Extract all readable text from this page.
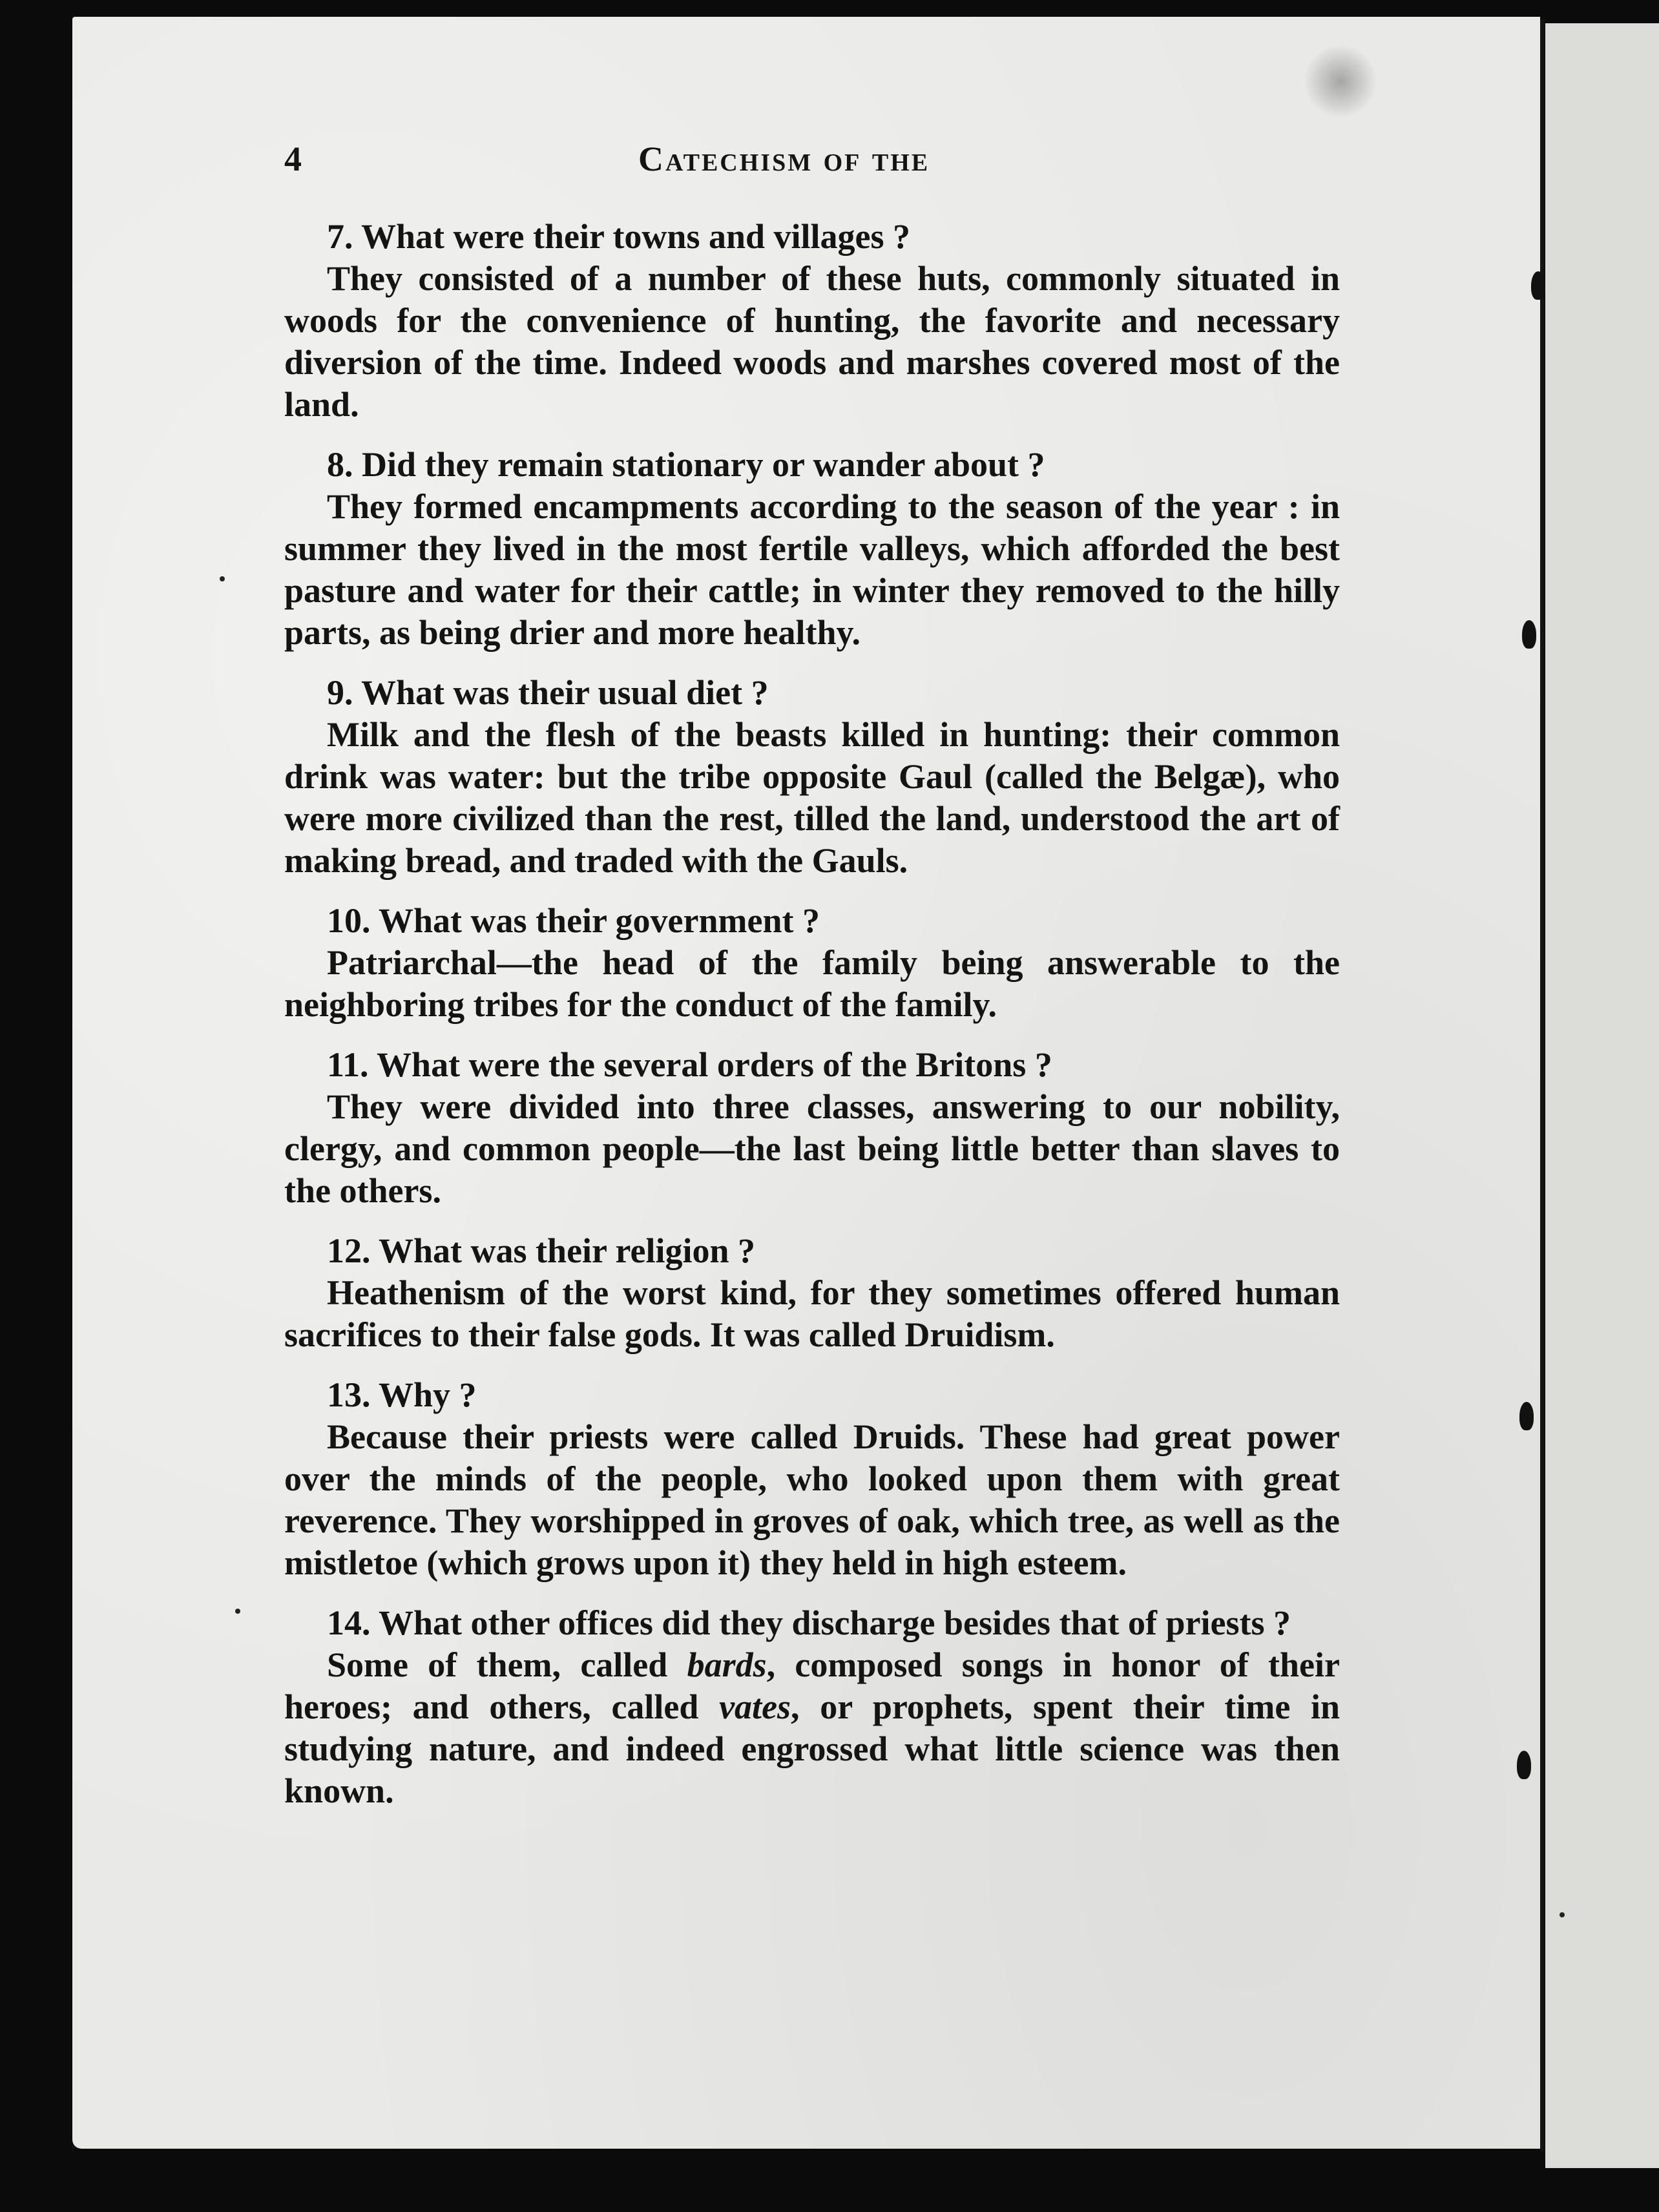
4	Catechism of the

7. What were their towns and villages ?

They consisted of a number of these huts, commonly situated in woods for the convenience of hunting, the favorite and necessary diversion of the time. Indeed woods and marshes covered most of the land.

8. Did they remain stationary or wander about ?

They formed encampments according to the season of the year : in summer they lived in the most fertile valleys, which afforded the best pasture and water for their cattle; in winter they removed to the hilly parts, as being drier and more healthy.

9. What was their usual diet ?

Milk and the flesh of the beasts killed in hunting: their common drink was water: but the tribe opposite Gaul (called the Belgæ), who were more civilized than the rest, tilled the land, understood the art of making bread, and traded with the Gauls.

10. What was their government ?

Patriarchal—the head of the family being answerable to the neighboring tribes for the conduct of the family.

11. What were the several orders of the Britons ?

They were divided into three classes, answering to our nobility, clergy, and common people—the last being little better than slaves to the others.

12. What was their religion ?

Heathenism of the worst kind, for they sometimes offered human sacrifices to their false gods. It was called Druidism.

13. Why ?

Because their priests were called Druids. These had great power over the minds of the people, who looked upon them with great reverence. They worshipped in groves of oak, which tree, as well as the mistletoe (which grows upon it) they held in high esteem.

14. What other offices did they discharge besides that of priests ?

Some of them, called bards, composed songs in honor of their heroes; and others, called vates, or prophets, spent their time in studying nature, and indeed engrossed what little science was then known.
